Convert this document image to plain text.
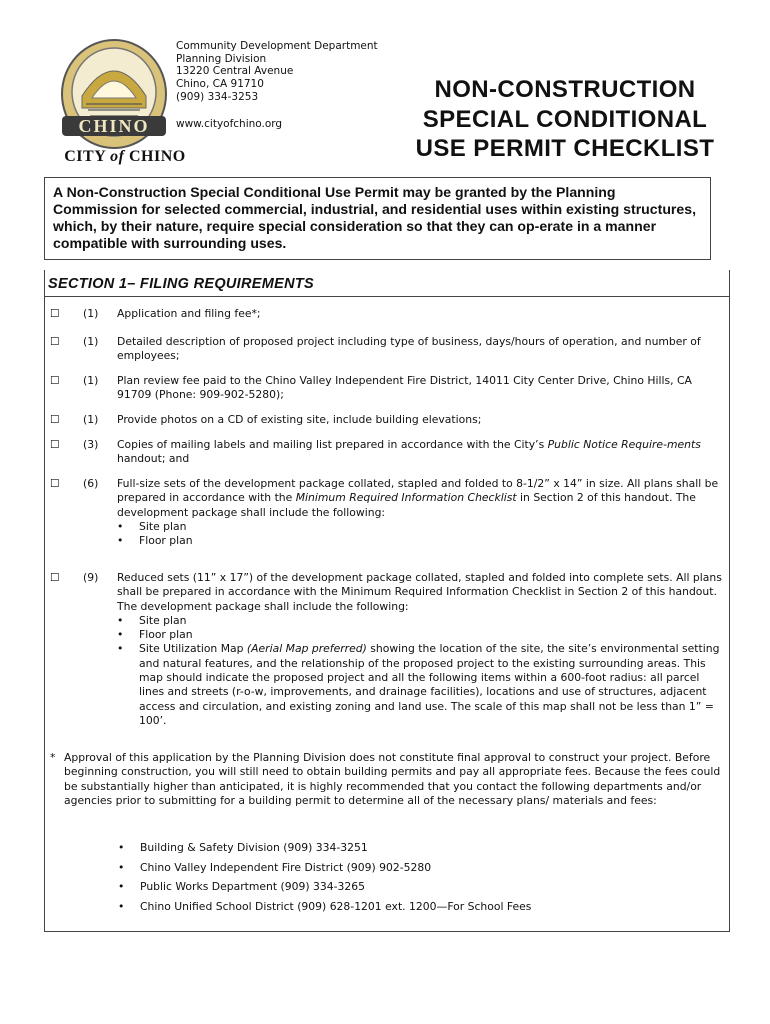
CHINO
CITY of CHINO
Community Development Department
Planning Division
13220 Central Avenue
Chino, CA 91710
(909) 334-3253
www.cityofchino.org
NON-CONSTRUCTION
SPECIAL CONDITIONAL
USE PERMIT CHECKLIST
A Non-Construction Special Conditional Use Permit may be granted by the Planning Commission for selected commercial, industrial, and residential uses within existing structures, which, by their nature, require special consideration so that they can op-erate in a manner compatible with surrounding uses.
SECTION 1– FILING REQUIREMENTS
☐ (1) Application and filing fee*;
☐ (1) Detailed description of proposed project including type of business, days/hours of operation, and number of employees;
☐ (1) Plan review fee paid to the Chino Valley Independent Fire District, 14011 City Center Drive, Chino Hills, CA 91709 (Phone: 909-902-5280);
☐ (1) Provide photos on a CD of existing site, include building elevations;
☐ (3) Copies of mailing labels and mailing list prepared in accordance with the City’s Public Notice Require-ments handout; and
☐ (6) Full-size sets of the development package collated, stapled and folded to 8-1/2” x 14” in size. All plans shall be prepared in accordance with the Minimum Required Information Checklist in Section 2 of this handout. The development package shall include the following:
• Site plan
• Floor plan
☐ (9) Reduced sets (11” x 17”) of the development package collated, stapled and folded into complete sets. All plans shall be prepared in accordance with the Minimum Required Information Checklist in Section 2 of this handout. The development package shall include the following:
• Site plan
• Floor plan
• Site Utilization Map (Aerial Map preferred) showing the location of the site, the site’s environmental setting and natural features, and the relationship of the proposed project to the existing surrounding areas. This map should indicate the proposed project and all the following items within a 600-foot radius: all parcel lines and streets (r-o-w, improvements, and drainage facilities), locations and use of structures, adjacent access and circulation, and existing zoning and land use. The scale of this map shall not be less than 1” = 100’.
* Approval of this application by the Planning Division does not constitute final approval to construct your project. Before beginning construction, you will still need to obtain building permits and pay all appropriate fees. Because the fees could be substantially higher than anticipated, it is highly recommended that you contact the following departments and/or agencies prior to submitting for a building permit to determine all of the necessary plans/ materials and fees:
• Building & Safety Division (909) 334-3251
• Chino Valley Independent Fire District (909) 902-5280
• Public Works Department (909) 334-3265
• Chino Unified School District (909) 628-1201 ext. 1200—For School Fees
